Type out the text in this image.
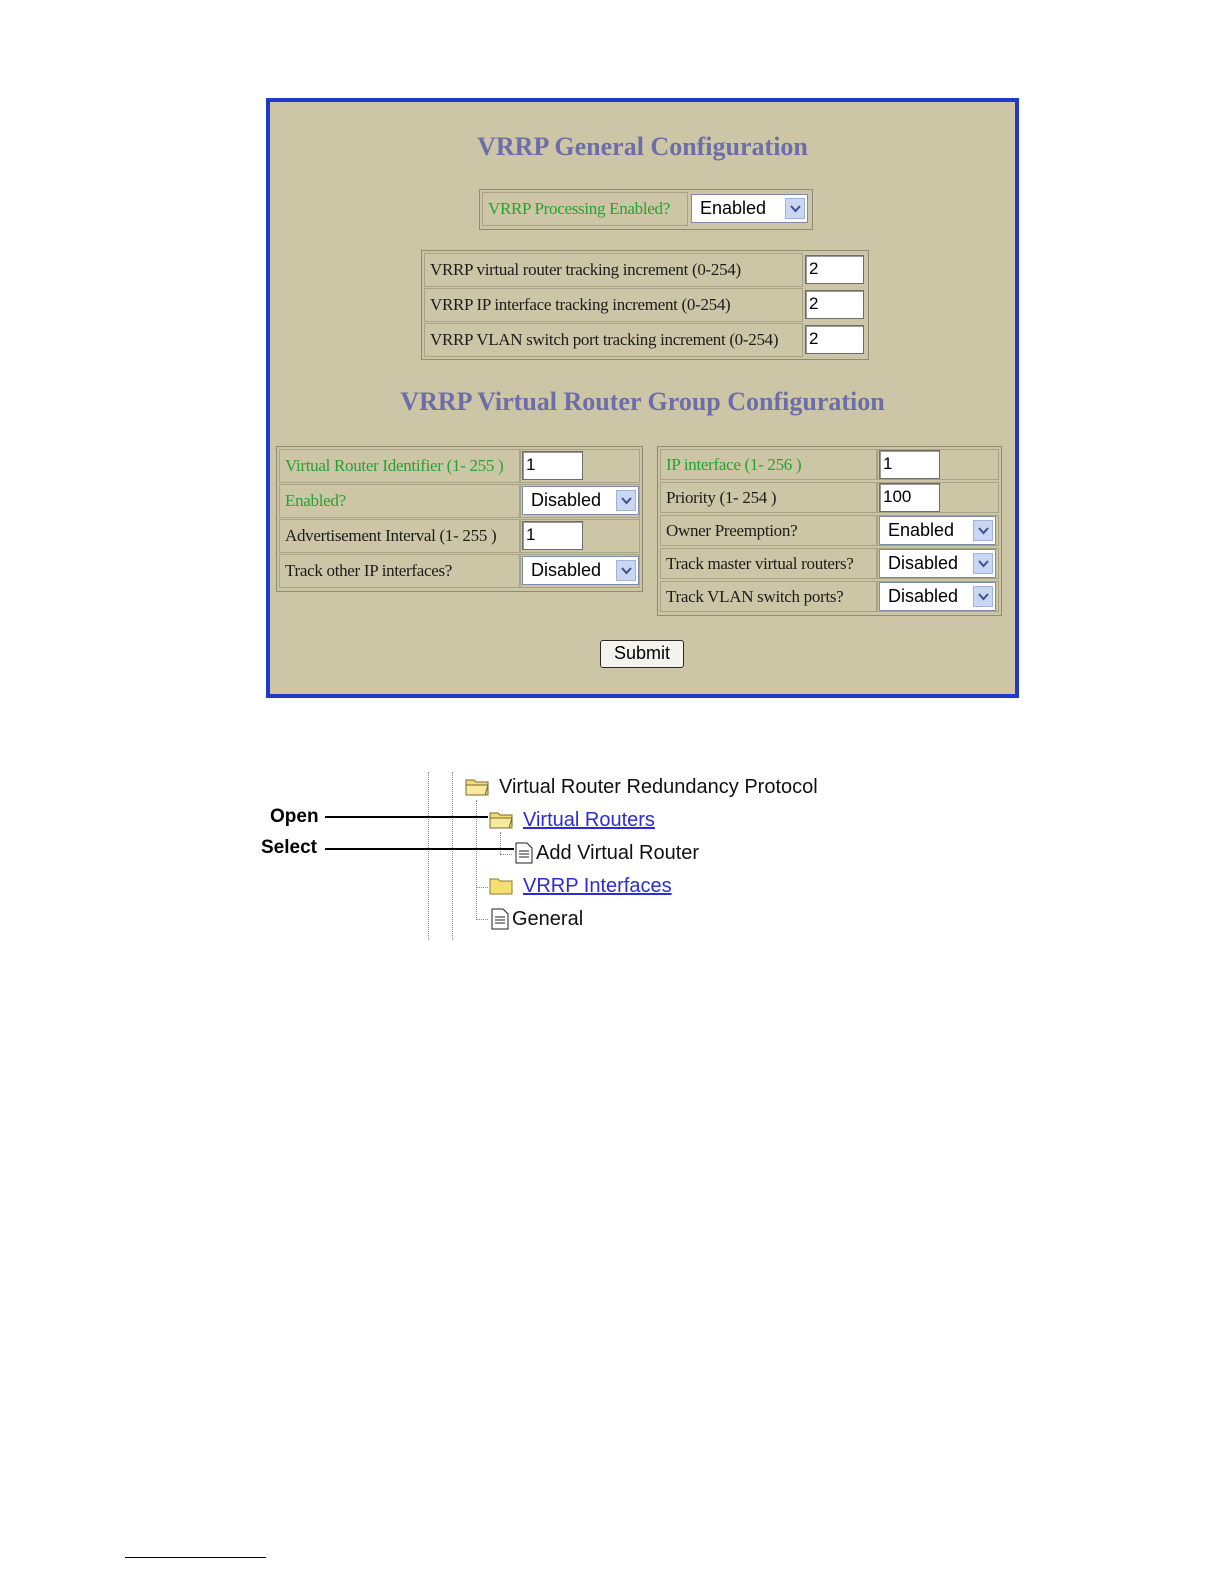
VRRP General Configuration
VRRP Processing Enabled?	Enabled
VRRP virtual router tracking increment (0-254)	2
VRRP IP interface tracking increment (0-254)	2
VRRP VLAN switch port tracking increment (0-254)	2
VRRP Virtual Router Group Configuration
Virtual Router Identifier (1- 255 )	1
Enabled?	Disabled
Advertisement Interval (1- 255 )	1
Track other IP interfaces?	Disabled
IP interface (1- 256 )	1
Priority (1- 254 )	100
Owner Preemption?	Enabled
Track master virtual routers?	Disabled
Track VLAN switch ports?	Disabled
Submit
Virtual Router Redundancy Protocol
Virtual Routers
Add Virtual Router
VRRP Interfaces
General
Open
Select
